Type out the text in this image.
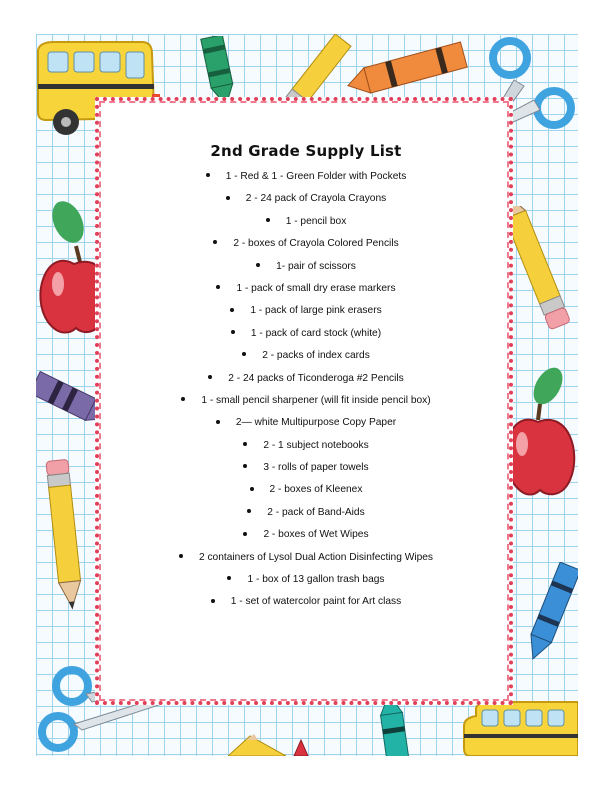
2nd Grade Supply List
1 - Red & 1 - Green Folder with Pockets
2 - 24 pack of Crayola Crayons
1 - pencil box
2 - boxes of Crayola Colored Pencils
1- pair of scissors
1 - pack of small dry erase markers
1 - pack of large pink erasers
1 - pack of card stock (white)
2 - packs of index cards
2 - 24 packs of Ticonderoga #2 Pencils
1 - small pencil sharpener (will fit inside pencil box)
2— white Multipurpose Copy Paper
2 - 1 subject notebooks
3 - rolls of paper towels
2 - boxes of Kleenex
2 - pack of Band-Aids
2 - boxes of Wet Wipes
2 containers of Lysol Dual Action Disinfecting Wipes
1 - box of 13 gallon trash bags
1 - set of watercolor paint for Art class
